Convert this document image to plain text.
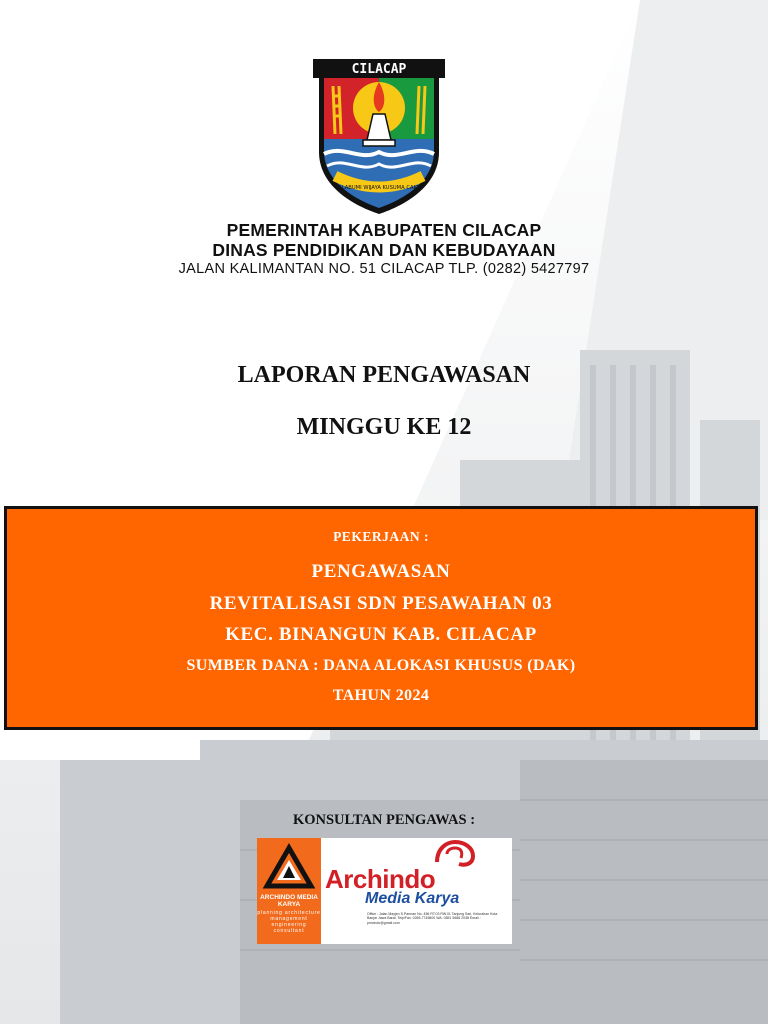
CILACAP
JALABUMI WIJAYA KUSUMA CAKTI
PEMERINTAH KABUPATEN CILACAP
DINAS PENDIDIKAN DAN KEBUDAYAAN
JALAN KALIMANTAN NO. 51 CILACAP TLP. (0282) 5427797
LAPORAN PENGAWASAN
MINGGU KE 12
PEKERJAAN :
PENGAWASAN
REVITALISASI SDN PESAWAHAN 03
KEC. BINANGUN KAB. CILACAP
SUMBER DANA : DANA ALOKASI KHUSUS (DAK)
TAHUN 2024
KONSULTAN PENGAWAS :
ARCHINDO MEDIA KARYA
planning architecture management engineering consultant
Archindo
Media Karya
Office : Jalan Mayjen S.Parman No. 456 RT.03 RW.01 Tanjung Sari, Kelurahan Kota Banjar Jawa Barat. Telp/Fax. 0265-7745800 WA. 0851 5668 2038 Email : pmcindo@gmail.com
